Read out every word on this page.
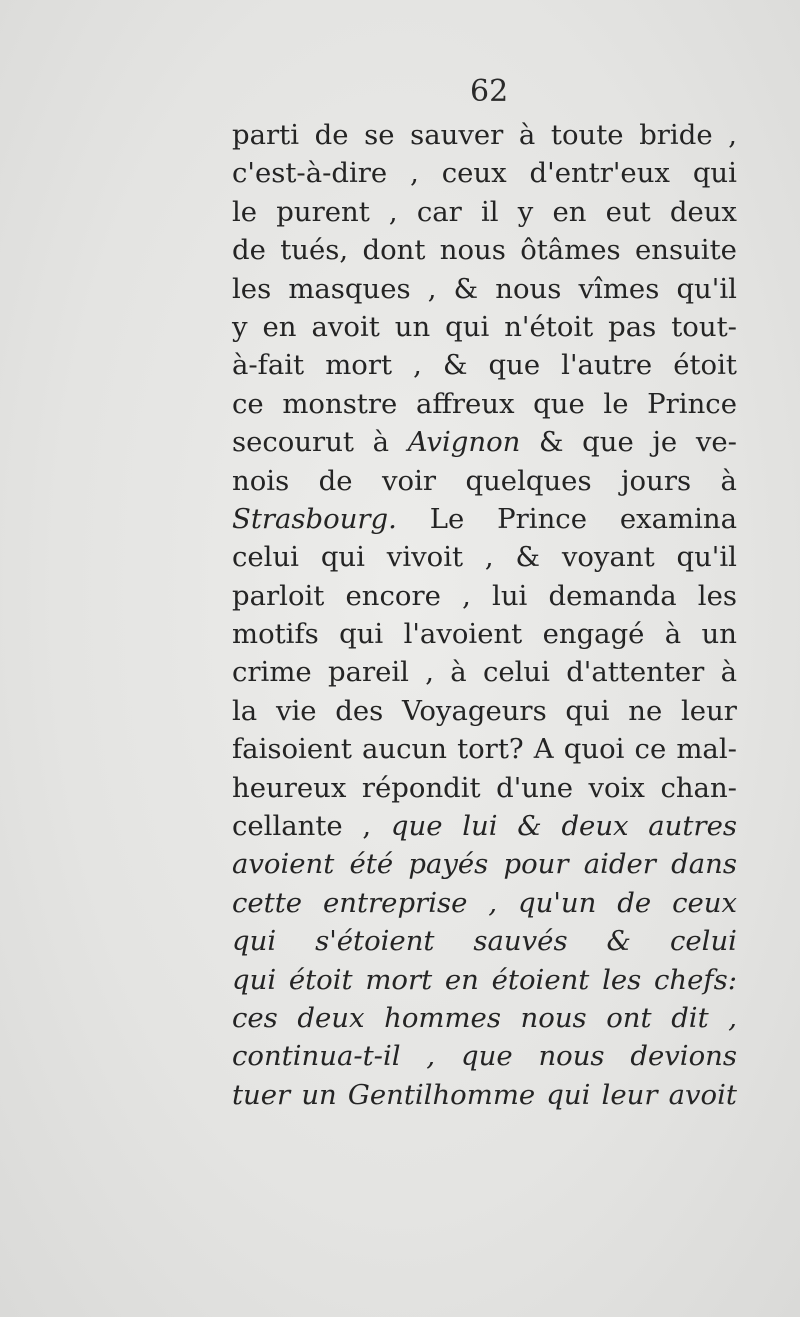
62
parti de se sauver à toute bride ,
c'est-à-dire , ceux d'entr'eux qui
le purent , car il y en eut deux
de tués, dont nous ôtâmes ensuite
les masques , & nous vîmes qu'il
y en avoit un qui n'étoit pas tout-
à-fait mort , & que l'autre étoit
ce monstre affreux que le Prince
secourut à Avignon & que je ve-
nois de voir quelques jours à
Strasbourg. Le Prince examina
celui qui vivoit , & voyant qu'il
parloit encore , lui demanda les
motifs qui l'avoient engagé à un
crime pareil , à celui d'attenter à
la vie des Voyageurs qui ne leur
faisoient aucun tort? A quoi ce mal-
heureux répondit d'une voix chan-
cellante , que lui & deux autres
avoient été payés pour aider dans
cette entreprise , qu'un de ceux
qui s'étoient sauvés & celui
qui étoit mort en étoient les chefs:
ces deux hommes nous ont dit ,
continua-t-il , que nous devions
tuer un Gentilhomme qui leur avoit
